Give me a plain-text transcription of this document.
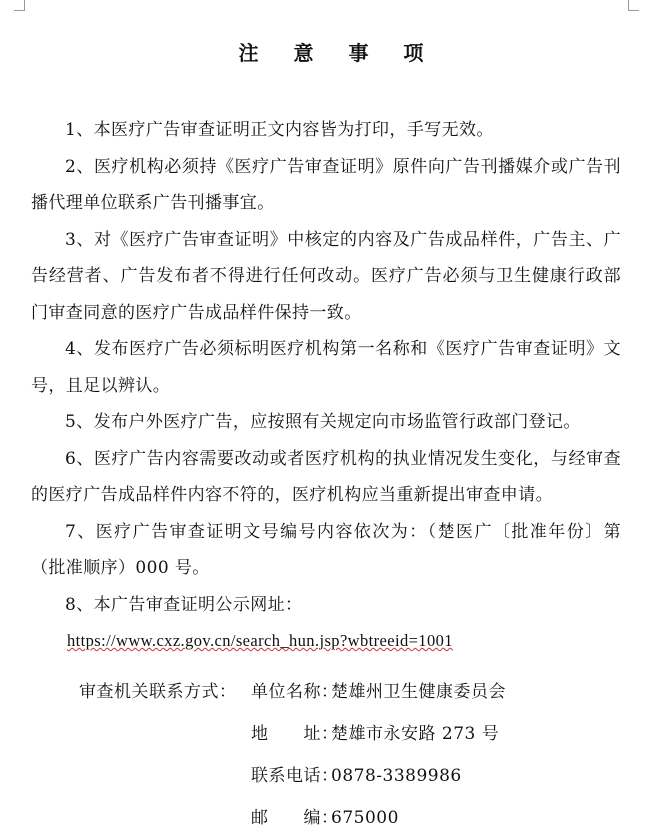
注 意 事 项

1、本医疗广告审查证明正文内容皆为打印，手写无效。

2、医疗机构必须持《医疗广告审查证明》原件向广告刊播媒介或广告刊播代理单位联系广告刊播事宜。

3、对《医疗广告审查证明》中核定的内容及广告成品样件，广告主、广告经营者、广告发布者不得进行任何改动。医疗广告必须与卫生健康行政部门审查同意的医疗广告成品样件保持一致。

4、发布医疗广告必须标明医疗机构第一名称和《医疗广告审查证明》文号，且足以辨认。

5、发布户外医疗广告，应按照有关规定向市场监管行政部门登记。

6、医疗广告内容需要改动或者医疗机构的执业情况发生变化，与经审查的医疗广告成品样件内容不符的，医疗机构应当重新提出审查申请。

7、医疗广告审查证明文号编号内容依次为：（楚医广〔批准年份〕第（批准顺序）000 号。

8、本广告审查证明公示网址：

https://www.cxz.gov.cn/search_hun.jsp?wbtreeid=1001

审查机关联系方式： 单位名称：
楚雄州卫生健康委员会
地　　址：
楚雄市永安路 273 号
联系电话：
0878-3389986
邮　　编：
675000
